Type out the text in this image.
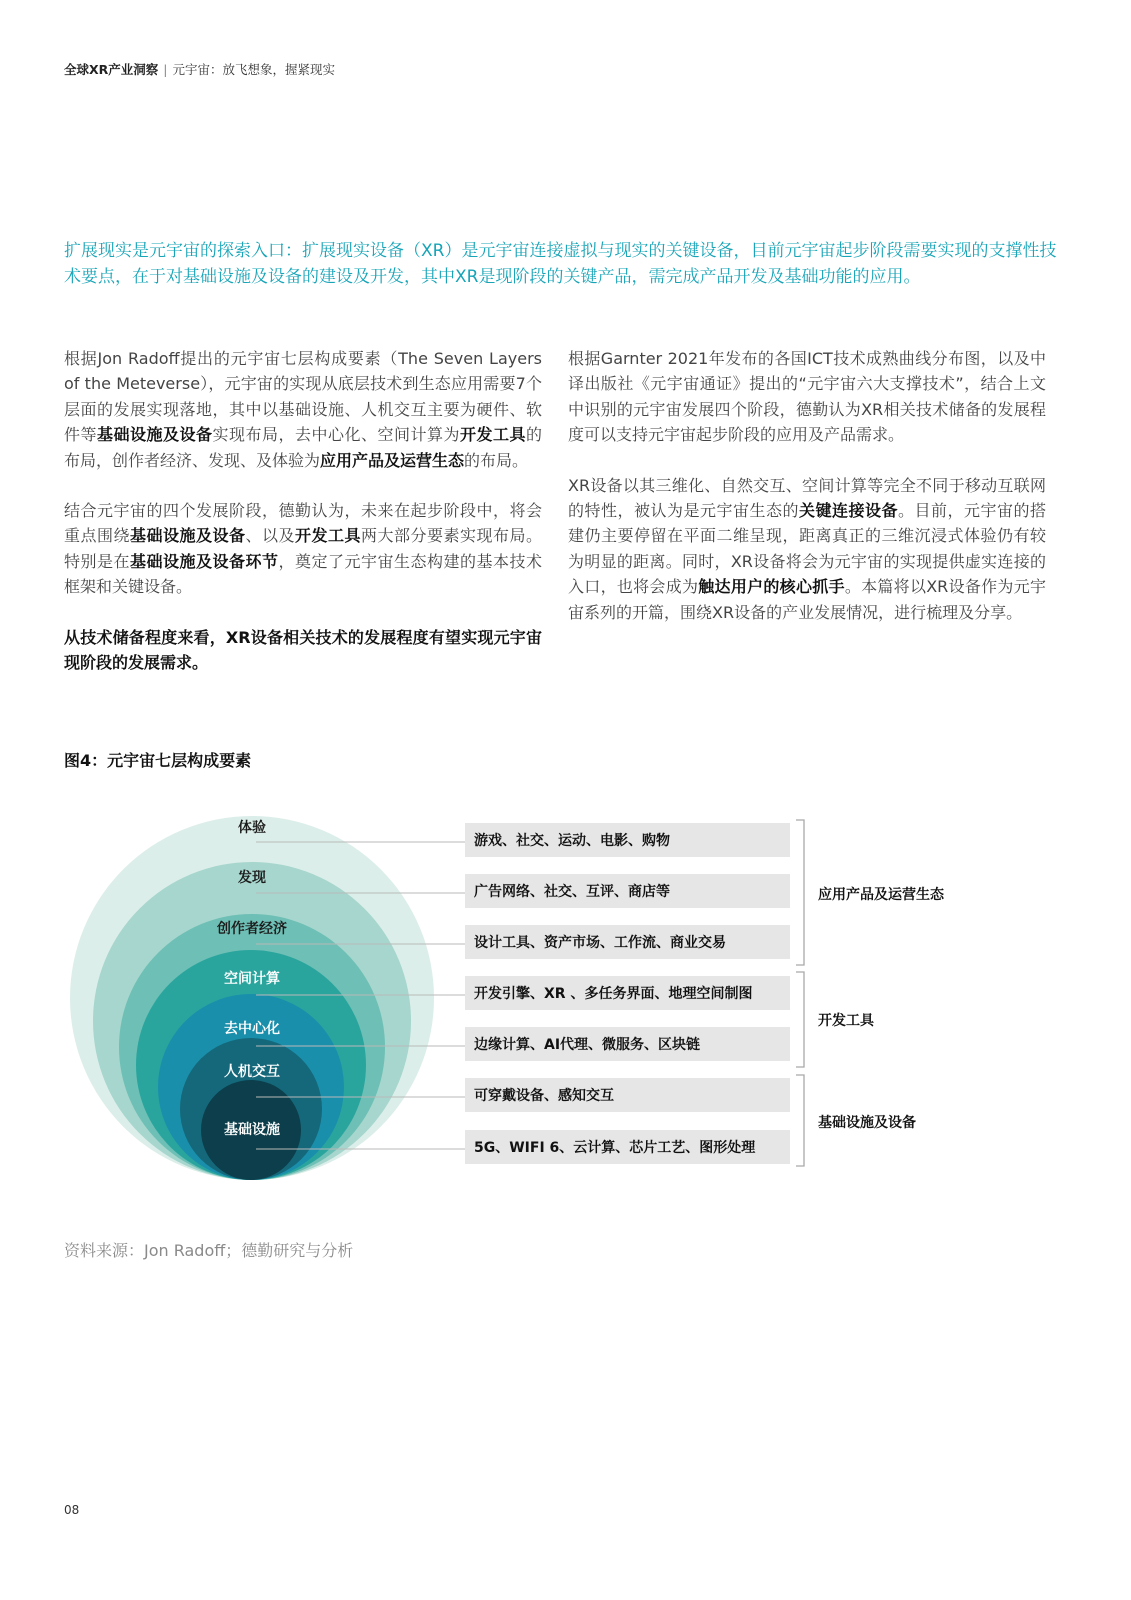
全球XR产业洞察 | 元宇宙：放飞想象，握紧现实
扩展现实是元宇宙的探索入口：扩展现实设备（XR）是元宇宙连接虚拟与现实的关键设备，目前元宇宙起步阶段需要实现的支撑性技术要点，在于对基础设施及设备的建设及开发，其中XR是现阶段的关键产品，需完成产品开发及基础功能的应用。

根据Jon Radoff提出的元宇宙七层构成要素（The Seven Layers of the Meteverse），元宇宙的实现从底层技术到生态应用需要7个层面的发展实现落地，其中以基础设施、人机交互主要为硬件、软件等基础设施及设备实现布局，去中心化、空间计算为开发工具的布局，创作者经济、发现、及体验为应用产品及运营生态的布局。

结合元宇宙的四个发展阶段，德勤认为，未来在起步阶段中，将会重点围绕基础设施及设备、以及开发工具两大部分要素实现布局。特别是在基础设施及设备环节，奠定了元宇宙生态构建的基本技术框架和关键设备。

从技术储备程度来看，XR设备相关技术的发展程度有望实现元宇宙现阶段的发展需求。

根据Garnter 2021年发布的各国ICT技术成熟曲线分布图，以及中译出版社《元宇宙通证》提出的“元宇宙六大支撑技术”，结合上文中识别的元宇宙发展四个阶段，德勤认为XR相关技术储备的发展程度可以支持元宇宙起步阶段的应用及产品需求。

XR设备以其三维化、自然交互、空间计算等完全不同于移动互联网的特性，被认为是元宇宙生态的关键连接设备。目前，元宇宙的搭建仍主要停留在平面二维呈现，距离真正的三维沉浸式体验仍有较为明显的距离。同时，XR设备将会为元宇宙的实现提供虚实连接的入口，也将会成为触达用户的核心抓手。本篇将以XR设备作为元宇宙系列的开篇，围绕XR设备的产业发展情况，进行梳理及分享。

图4：元宇宙七层构成要素
体验
发现
创作者经济
空间计算
去中心化
人机交互
基础设施
游戏、社交、运动、电影、购物
广告网络、社交、互评、商店等
设计工具、资产市场、工作流、商业交易
开发引擎、XR 、多任务界面、地理空间制图
边缘计算、AI代理、微服务、区块链
可穿戴设备、感知交互
5G、WIFI 6、云计算、芯片工艺、图形处理
应用产品及运营生态
开发工具
基础设施及设备
资料来源：Jon Radoff；德勤研究与分析
08
